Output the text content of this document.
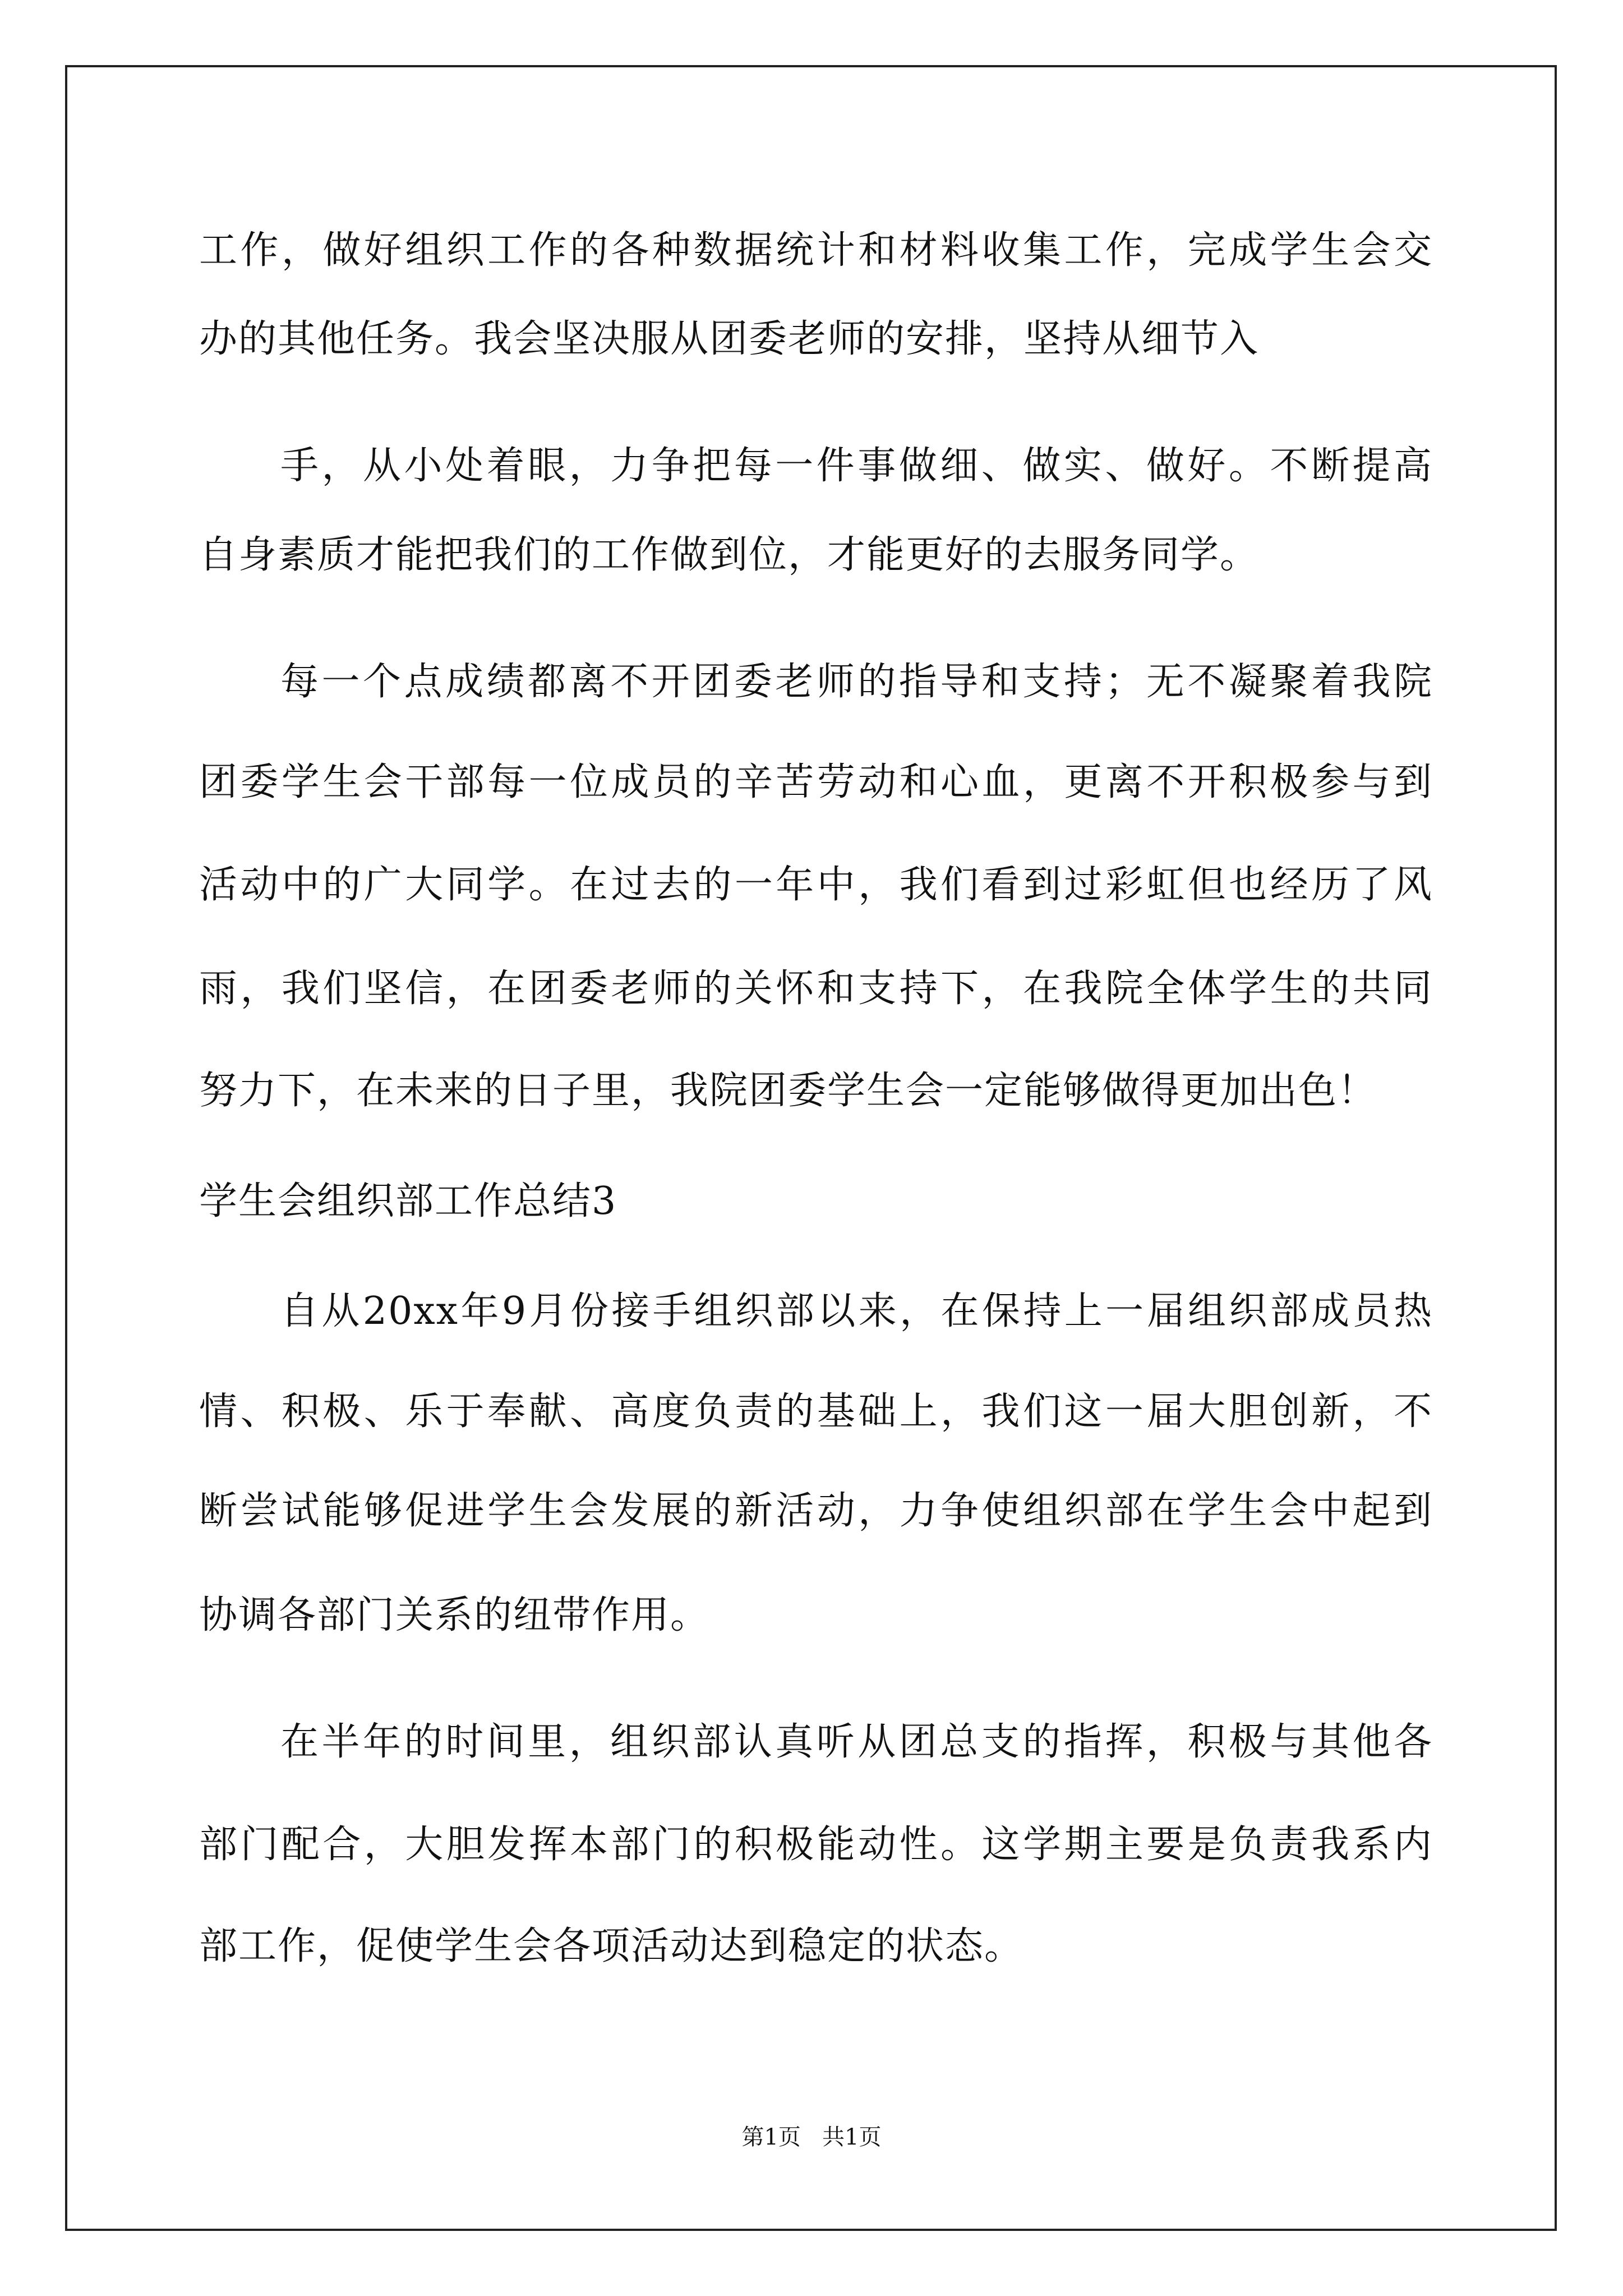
工作，做好组织工作的各种数据统计和材料收集工作，完成学生会交
办的其他任务。我会坚决服从团委老师的安排，坚持从细节入
手，从小处着眼，力争把每一件事做细、做实、做好。不断提高
自身素质才能把我们的工作做到位，才能更好的去服务同学。
每一个点成绩都离不开团委老师的指导和支持；无不凝聚着我院
团委学生会干部每一位成员的辛苦劳动和心血，更离不开积极参与到
活动中的广大同学。在过去的一年中，我们看到过彩虹但也经历了风
雨，我们坚信，在团委老师的关怀和支持下，在我院全体学生的共同
努力下，在未来的日子里，我院团委学生会一定能够做得更加出色！
学生会组织部工作总结3
自从20xx年9月份接手组织部以来，在保持上一届组织部成员热
情、积极、乐于奉献、高度负责的基础上，我们这一届大胆创新，不
断尝试能够促进学生会发展的新活动，力争使组织部在学生会中起到
协调各部门关系的纽带作用。
在半年的时间里，组织部认真听从团总支的指挥，积极与其他各
部门配合，大胆发挥本部门的积极能动性。这学期主要是负责我系内
部工作，促使学生会各项活动达到稳定的状态。
第1页   共1页
